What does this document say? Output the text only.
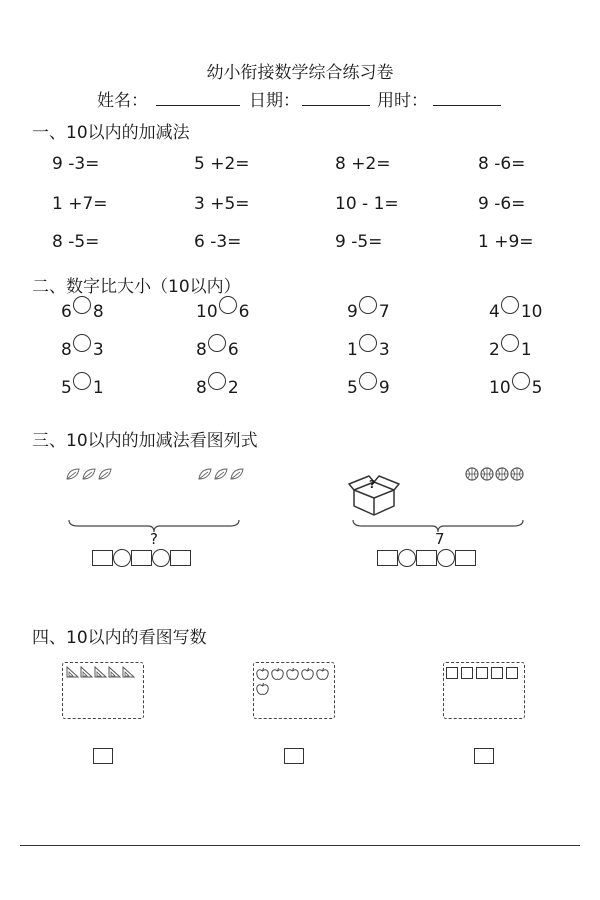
幼小衔接数学综合练习卷
姓名：	日期：	用时：
一、10以内的加减法
9 -3=	5 +2=	8 +2=	8 -6=
1 +7=	3 +5=	10 - 1=	9 -6=
8 -5=	6 -3=	9 -5=	1 +9=
二、数字比大小（10以内）
6 8	10 6	9 7	4 10
8 3	8 6	1 3	2 1
5 1	8 2	5 9	10 5
三、10以内的加减法看图列式
?	7
?
四、10以内的看图写数
